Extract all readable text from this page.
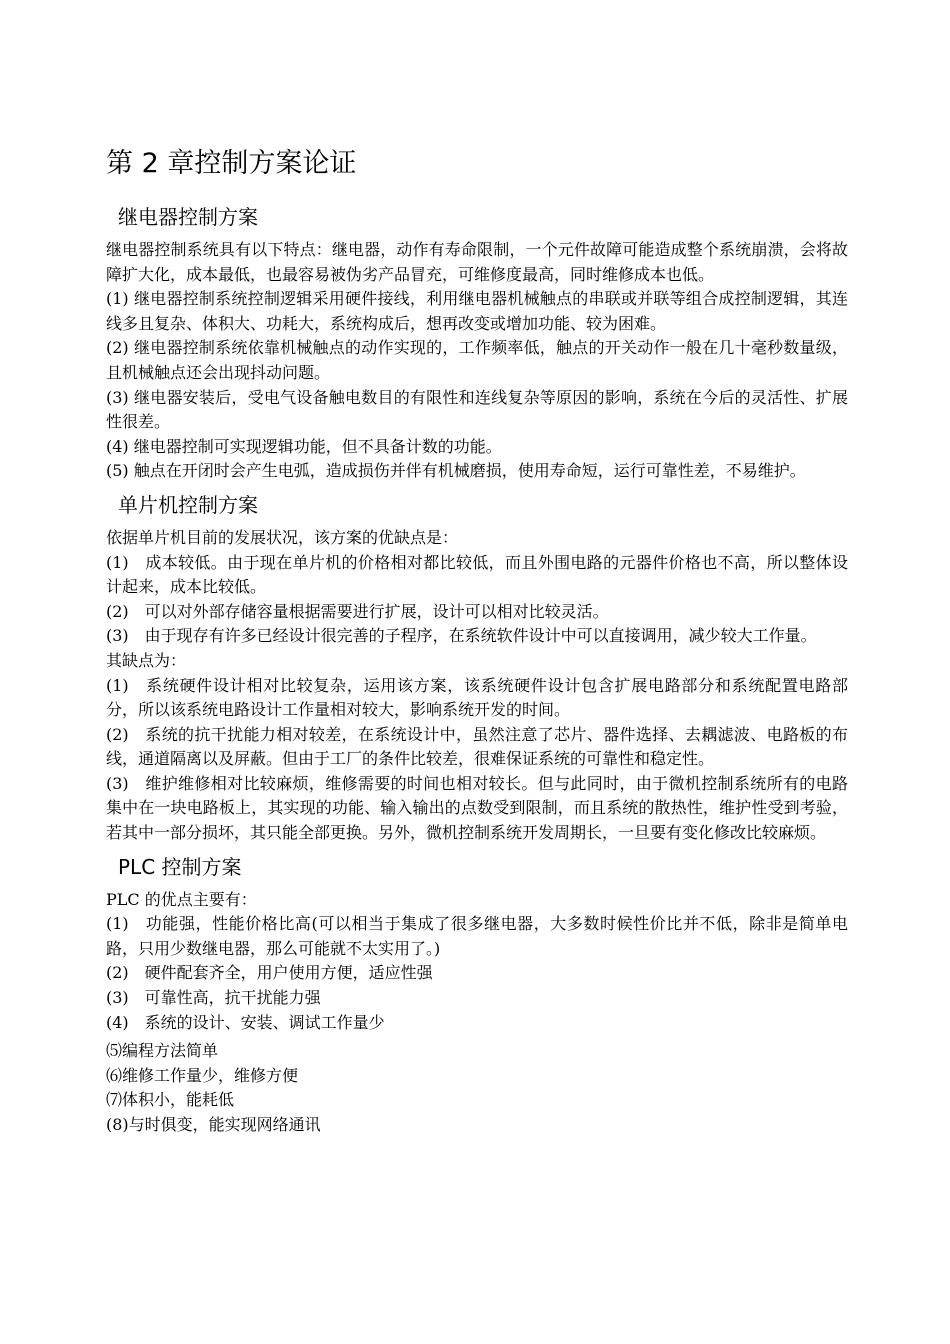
第 2 章控制方案论证
继电器控制方案

继电器控制系统具有以下特点：继电器，动作有寿命限制，一个元件故障可能造成整个系统崩溃，会将故障扩大化，成本最低，也最容易被伪劣产品冒充，可维修度最高，同时维修成本也低。

(1) 继电器控制系统控制逻辑采用硬件接线，利用继电器机械触点的串联或并联等组合成控制逻辑，其连线多且复杂、体积大、功耗大，系统构成后，想再改变或增加功能、较为困难。

(2) 继电器控制系统依靠机械触点的动作实现的，工作频率低，触点的开关动作一般在几十毫秒数量级，且机械触点还会出现抖动问题。

(3) 继电器安装后，受电气设备触电数目的有限性和连线复杂等原因的影响，系统在今后的灵活性、扩展性很差。

(4) 继电器控制可实现逻辑功能，但不具备计数的功能。

(5) 触点在开闭时会产生电弧，造成损伤并伴有机械磨损，使用寿命短，运行可靠性差，不易维护。

单片机控制方案

依据单片机目前的发展状况，该方案的优缺点是：

(1)　成本较低。由于现在单片机的价格相对都比较低，而且外围电路的元器件价格也不高，所以整体设计起来，成本比较低。

(2)　可以对外部存储容量根据需要进行扩展，设计可以相对比较灵活。

(3)　由于现存有许多已经设计很完善的子程序，在系统软件设计中可以直接调用，减少较大工作量。

其缺点为：

(1)　系统硬件设计相对比较复杂，运用该方案，该系统硬件设计包含扩展电路部分和系统配置电路部分，所以该系统电路设计工作量相对较大，影响系统开发的时间。

(2)　系统的抗干扰能力相对较差，在系统设计中，虽然注意了芯片、器件选择、去耦滤波、电路板的布线，通道隔离以及屏蔽。但由于工厂的条件比较差，很难保证系统的可靠性和稳定性。

(3)　维护维修相对比较麻烦，维修需要的时间也相对较长。但与此同时，由于微机控制系统所有的电路集中在一块电路板上，其实现的功能、输入输出的点数受到限制，而且系统的散热性，维护性受到考验，若其中一部分损坏，其只能全部更换。另外，微机控制系统开发周期长，一旦要有变化修改比较麻烦。

PLC 控制方案

PLC 的优点主要有：

(1)　功能强，性能价格比高(可以相当于集成了很多继电器，大多数时候性价比并不低，除非是简单电路，只用少数继电器，那么可能就不太实用了。)

(2)　硬件配套齐全，用户使用方便，适应性强

(3)　可靠性高，抗干扰能力强

(4)　系统的设计、安装、调试工作量少

⑸编程方法简单

⑹维修工作量少，维修方便

⑺体积小，能耗低

(8)与时俱变，能实现网络通讯
